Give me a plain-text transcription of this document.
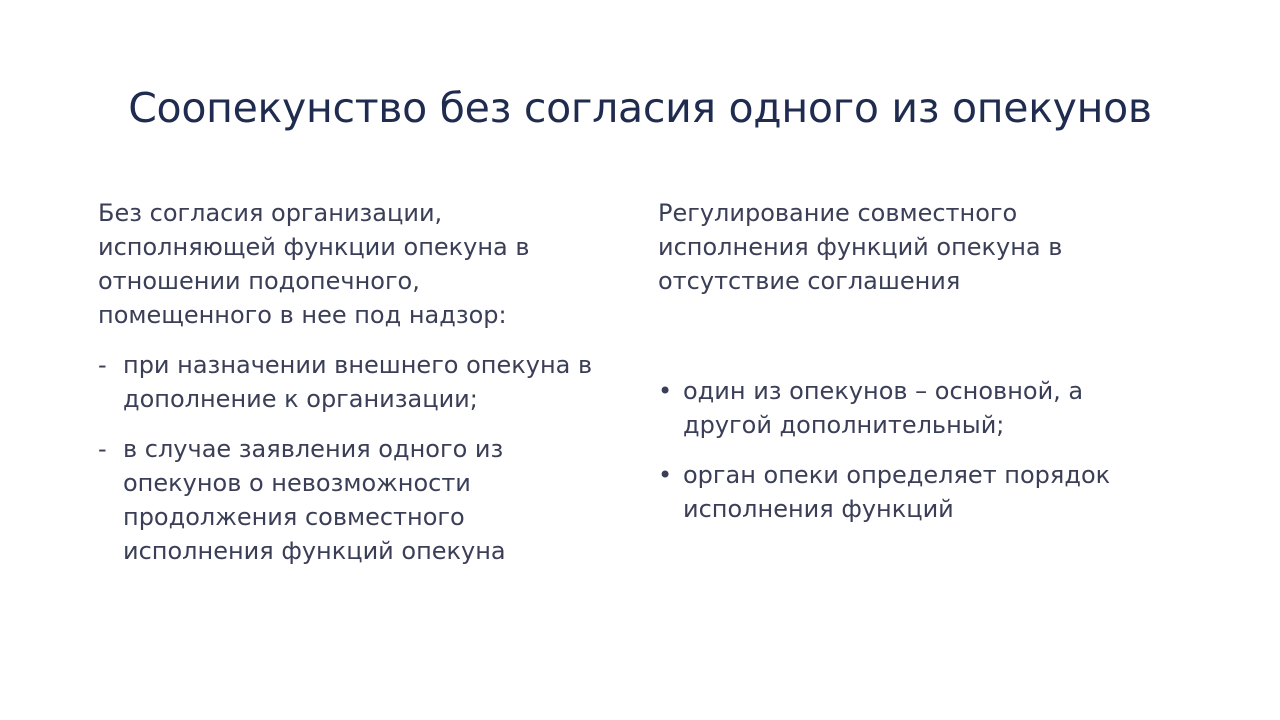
Соопекунство без согласия одного из опекунов

Без согласия организации,
исполняющей функции опекуна в
отношении подопечного,
помещенного в нее под надзор:

- при назначении внешнего опекуна в
дополнение к организации;
- в случае заявления одного из
опекунов о невозможности
продолжения совместного
исполнения функций опекуна

Регулирование совместного
исполнения функций опекуна в
отсутствие соглашения

• один из опекунов – основной, а
другой дополнительный;
• орган опеки определяет порядок
исполнения функций
